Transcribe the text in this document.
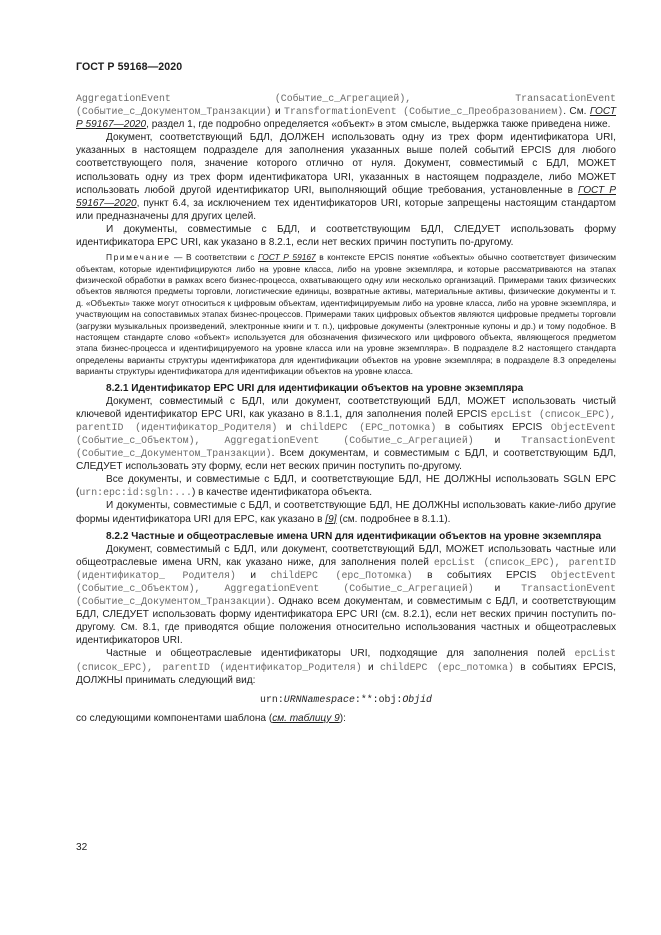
ГОСТ Р 59168—2020

AggregationEvent (Событие_с_Агрегацией), TransacationEvent (Событие_с_Документом_Транзакции) и TransformationEvent (Событие_с_Преобразованием). См. ГОСТ Р 59167—2020, раздел 1, где подробно определяется «объект» в этом смысле, выдержка также приведена ниже.

Документ, соответствующий БДЛ, ДОЛЖЕН использовать одну из трех форм идентификатора URI, указанных в настоящем подразделе для заполнения указанных выше полей событий EPCIS для любого соответствующего поля, значение которого отлично от нуля. Документ, совместимый с БДЛ, МОЖЕТ использовать одну из трех форм идентификатора URI, указанных в настоящем подразделе, либо МОЖЕТ использовать любой другой идентификатор URI, выполняющий общие требования, установленные в ГОСТ Р 59167—2020, пункт 6.4, за исключением тех идентификаторов URI, которые запрещены настоящим стандартом или предназначены для других целей.

И документы, совместимые с БДЛ, и соответствующим БДЛ, СЛЕДУЕТ использовать форму идентификатора EPC URI, как указано в 8.2.1, если нет веских причин поступить по-другому.

Примечание — В соответствии с ГОСТ Р 59167 в контексте EPCIS понятие «объекты» обычно соответствует физическим объектам, которые идентифицируются либо на уровне класса, либо на уровне экземпляра, и которые рассматриваются на этапах физической обработки в рамках всего бизнес-процесса, охватывающего одну или несколько организаций. Примерами таких физических объектов являются предметы торговли, логистические единицы, возвратные активы, материальные активы, физические документы и т. д. «Объекты» также могут относиться к цифровым объектам, идентифицируемым либо на уровне класса, либо на уровне экземпляра, и участвующим на сопоставимых этапах бизнес-процессов. Примерами таких цифровых объектов являются цифровые предметы торговли (загрузки музыкальных произведений, электронные книги и т. п.), цифровые документы (электронные купоны и др.) и тому подобное. В настоящем стандарте слово «объект» используется для обозначения физического или цифрового объекта, являющегося предметом этапа бизнес-процесса и идентифицируемого на уровне класса или на уровне экземпляра». В подразделе 8.2 настоящего стандарта определены варианты структуры идентификатора для идентификации объектов на уровне экземпляра; в подразделе 8.3 определены варианты структуры идентификатора для идентификации объектов на уровне класса.

8.2.1 Идентификатор EPC URI для идентификации объектов на уровне экземпляра

Документ, совместимый с БДЛ, или документ, соответствующий БДЛ, МОЖЕТ использовать чистый ключевой идентификатор EPC URI, как указано в 8.1.1, для заполнения полей EPCIS epcList (список_EPC), parentID (идентификатор_Родителя) и childEPC (EPC_потомка) в событиях EPCIS ObjectEvent (Событие_с_Объектом), AggregationEvent (Событие_с_Агрегацией) и TransactionEvent (Событие_с_Документом_Транзакции). Всем документам, и совместимым с БДЛ, и соответствующим БДЛ, СЛЕДУЕТ использовать эту форму, если нет веских причин поступить по-другому.

Все документы, и совместимые с БДЛ, и соответствующие БДЛ, НЕ ДОЛЖНЫ использовать SGLN EPC (urn:epc:id:sgln:...) в качестве идентификатора объекта.

И документы, совместимые с БДЛ, и соответствующие БДЛ, НЕ ДОЛЖНЫ использовать какие-либо другие формы идентификатора URI для EPC, как указано в [9] (см. подробнее в 8.1.1).

8.2.2 Частные и общеотраслевые имена URN для идентификации объектов на уровне экземпляра

Документ, совместимый с БДЛ, или документ, соответствующий БДЛ, МОЖЕТ использовать частные или общеотраслевые имена URN, как указано ниже, для заполнения полей epcList (список_EPC), parentID (идентификатор_ Родителя) и childEPC (epc_Потомка) в событиях EPCIS ObjectEvent (Событие_с_Объектом), AggregationEvent (Событие_с_Агрегацией) и TransactionEvent (Событие_с_Документом_Транзакции). Однако всем документам, и совместимым с БДЛ, и соответствующим БДЛ, СЛЕДУЕТ использовать форму идентификатора EPC URI (см. 8.2.1), если нет веских причин поступить по-другому. См. 8.1, где приводятся общие положения относительно использования частных и общеотраслевых идентификаторов URI.

Частные и общеотраслевые идентификаторы URI, подходящие для заполнения полей epcList (список_EPC), parentID (идентификатор_Родителя) и childEPC (epc_потомка) в событиях EPCIS, ДОЛЖНЫ принимать следующий вид:

urn:URNNamespace:**:obj:Objid

со следующими компонентами шаблона (см. таблицу 9):

32
